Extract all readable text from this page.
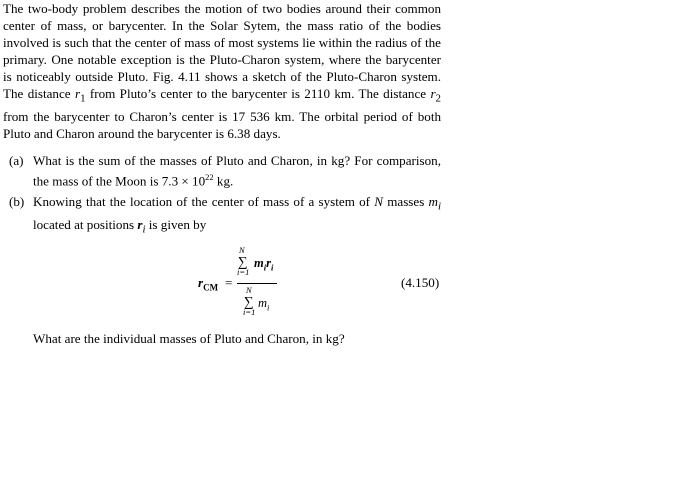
The two-body problem describes the motion of two bodies around their common center of mass, or barycenter. In the Solar Sytem, the mass ratio of the bodies involved is such that the center of mass of most systems lie within the radius of the primary. One notable exception is the Pluto-Charon system, where the barycenter is noticeably outside Pluto. Fig. 4.11 shows a sketch of the Pluto-Charon system. The distance $r_1$ from Pluto’s center to the barycenter is 2110 km. The distance $r_2$ from the barycenter to Charon’s center is 17 536 km. The orbital period of both Pluto and Charon around the barycenter is 6.38 days.

(a) What is the sum of the masses of Pluto and Charon, in kg? For comparison, the mass of the Moon is $7.3 \times 10^{22}$ kg.
(b) Knowing that the location of the center of mass of a system of N masses $m_i$ located at positions $r_i$ is given by
$r_{CM}$ =
N
∑
i=1
$m_ir_i$
N
∑
i=1
$m_i$
(4.150)
What are the individual masses of Pluto and Charon, in kg?
